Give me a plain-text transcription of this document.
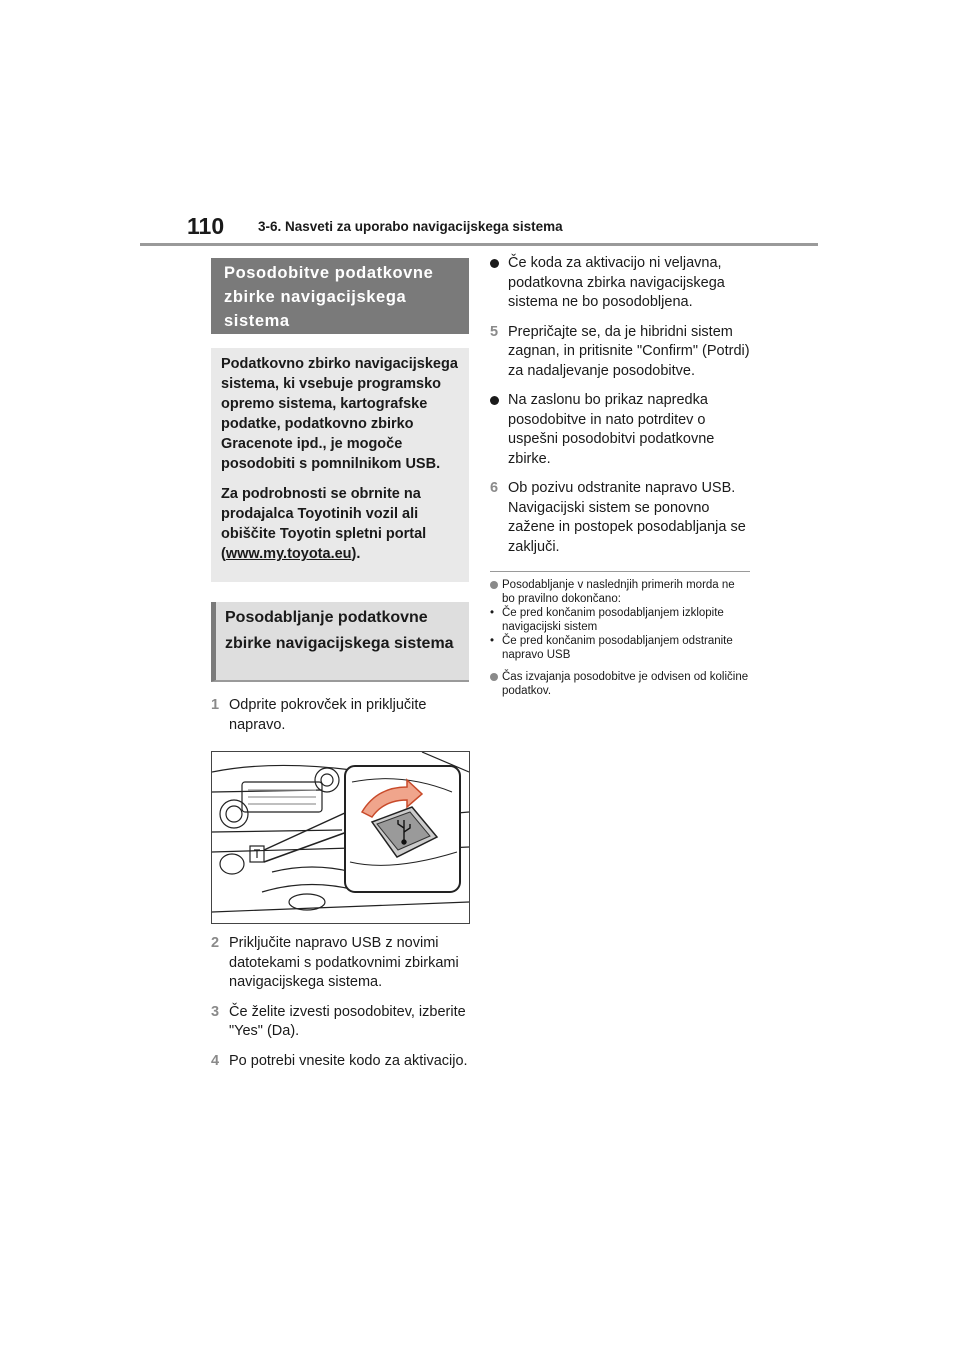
110	3-6. Nasveti za uporabo navigacijskega sistema
Posodobitve podatkovne zbirke navigacijskega sistema

Podatkovno zbirko navigacijskega sistema, ki vsebuje programsko opremo sistema, kartografske podatke, podatkovno zbirko Gracenote ipd., je mogoče posodobiti s pomnilnikom USB.

Za podrobnosti se obrnite na prodajalca Toyotinih vozil ali obiščite Toyotin spletni portal (www.my.toyota.eu).

Posodabljanje podatkovne zbirke navigacijskega sistema
1 Odprite pokrovček in priključite napravo.
2 Priključite napravo USB z novimi datotekami s podatkovnimi zbirkami navigacijskega sistema.
3 Če želite izvesti posodobitev, izberite "Yes" (Da).
4 Po potrebi vnesite kodo za aktivacijo.
Če koda za aktivacijo ni veljavna, podatkovna zbirka navigacijskega sistema ne bo posodobljena.
5 Prepričajte se, da je hibridni sistem zagnan, in pritisnite "Confirm" (Potrdi) za nadaljevanje posodobitve.
Na zaslonu bo prikaz napredka posodobitve in nato potrditev o uspešni posodobitvi podatkovne zbirke.
6 Ob pozivu odstranite napravo USB. Navigacijski sistem se ponovno zažene in postopek posodabljanja se zaključi.
Posodabljanje v naslednjih primerih morda ne bo pravilno dokončano:
• Če pred končanim posodabljanjem izklopite navigacijski sistem
• Če pred končanim posodabljanjem odstranite napravo USB
Čas izvajanja posodobitve je odvisen od količine podatkov.
